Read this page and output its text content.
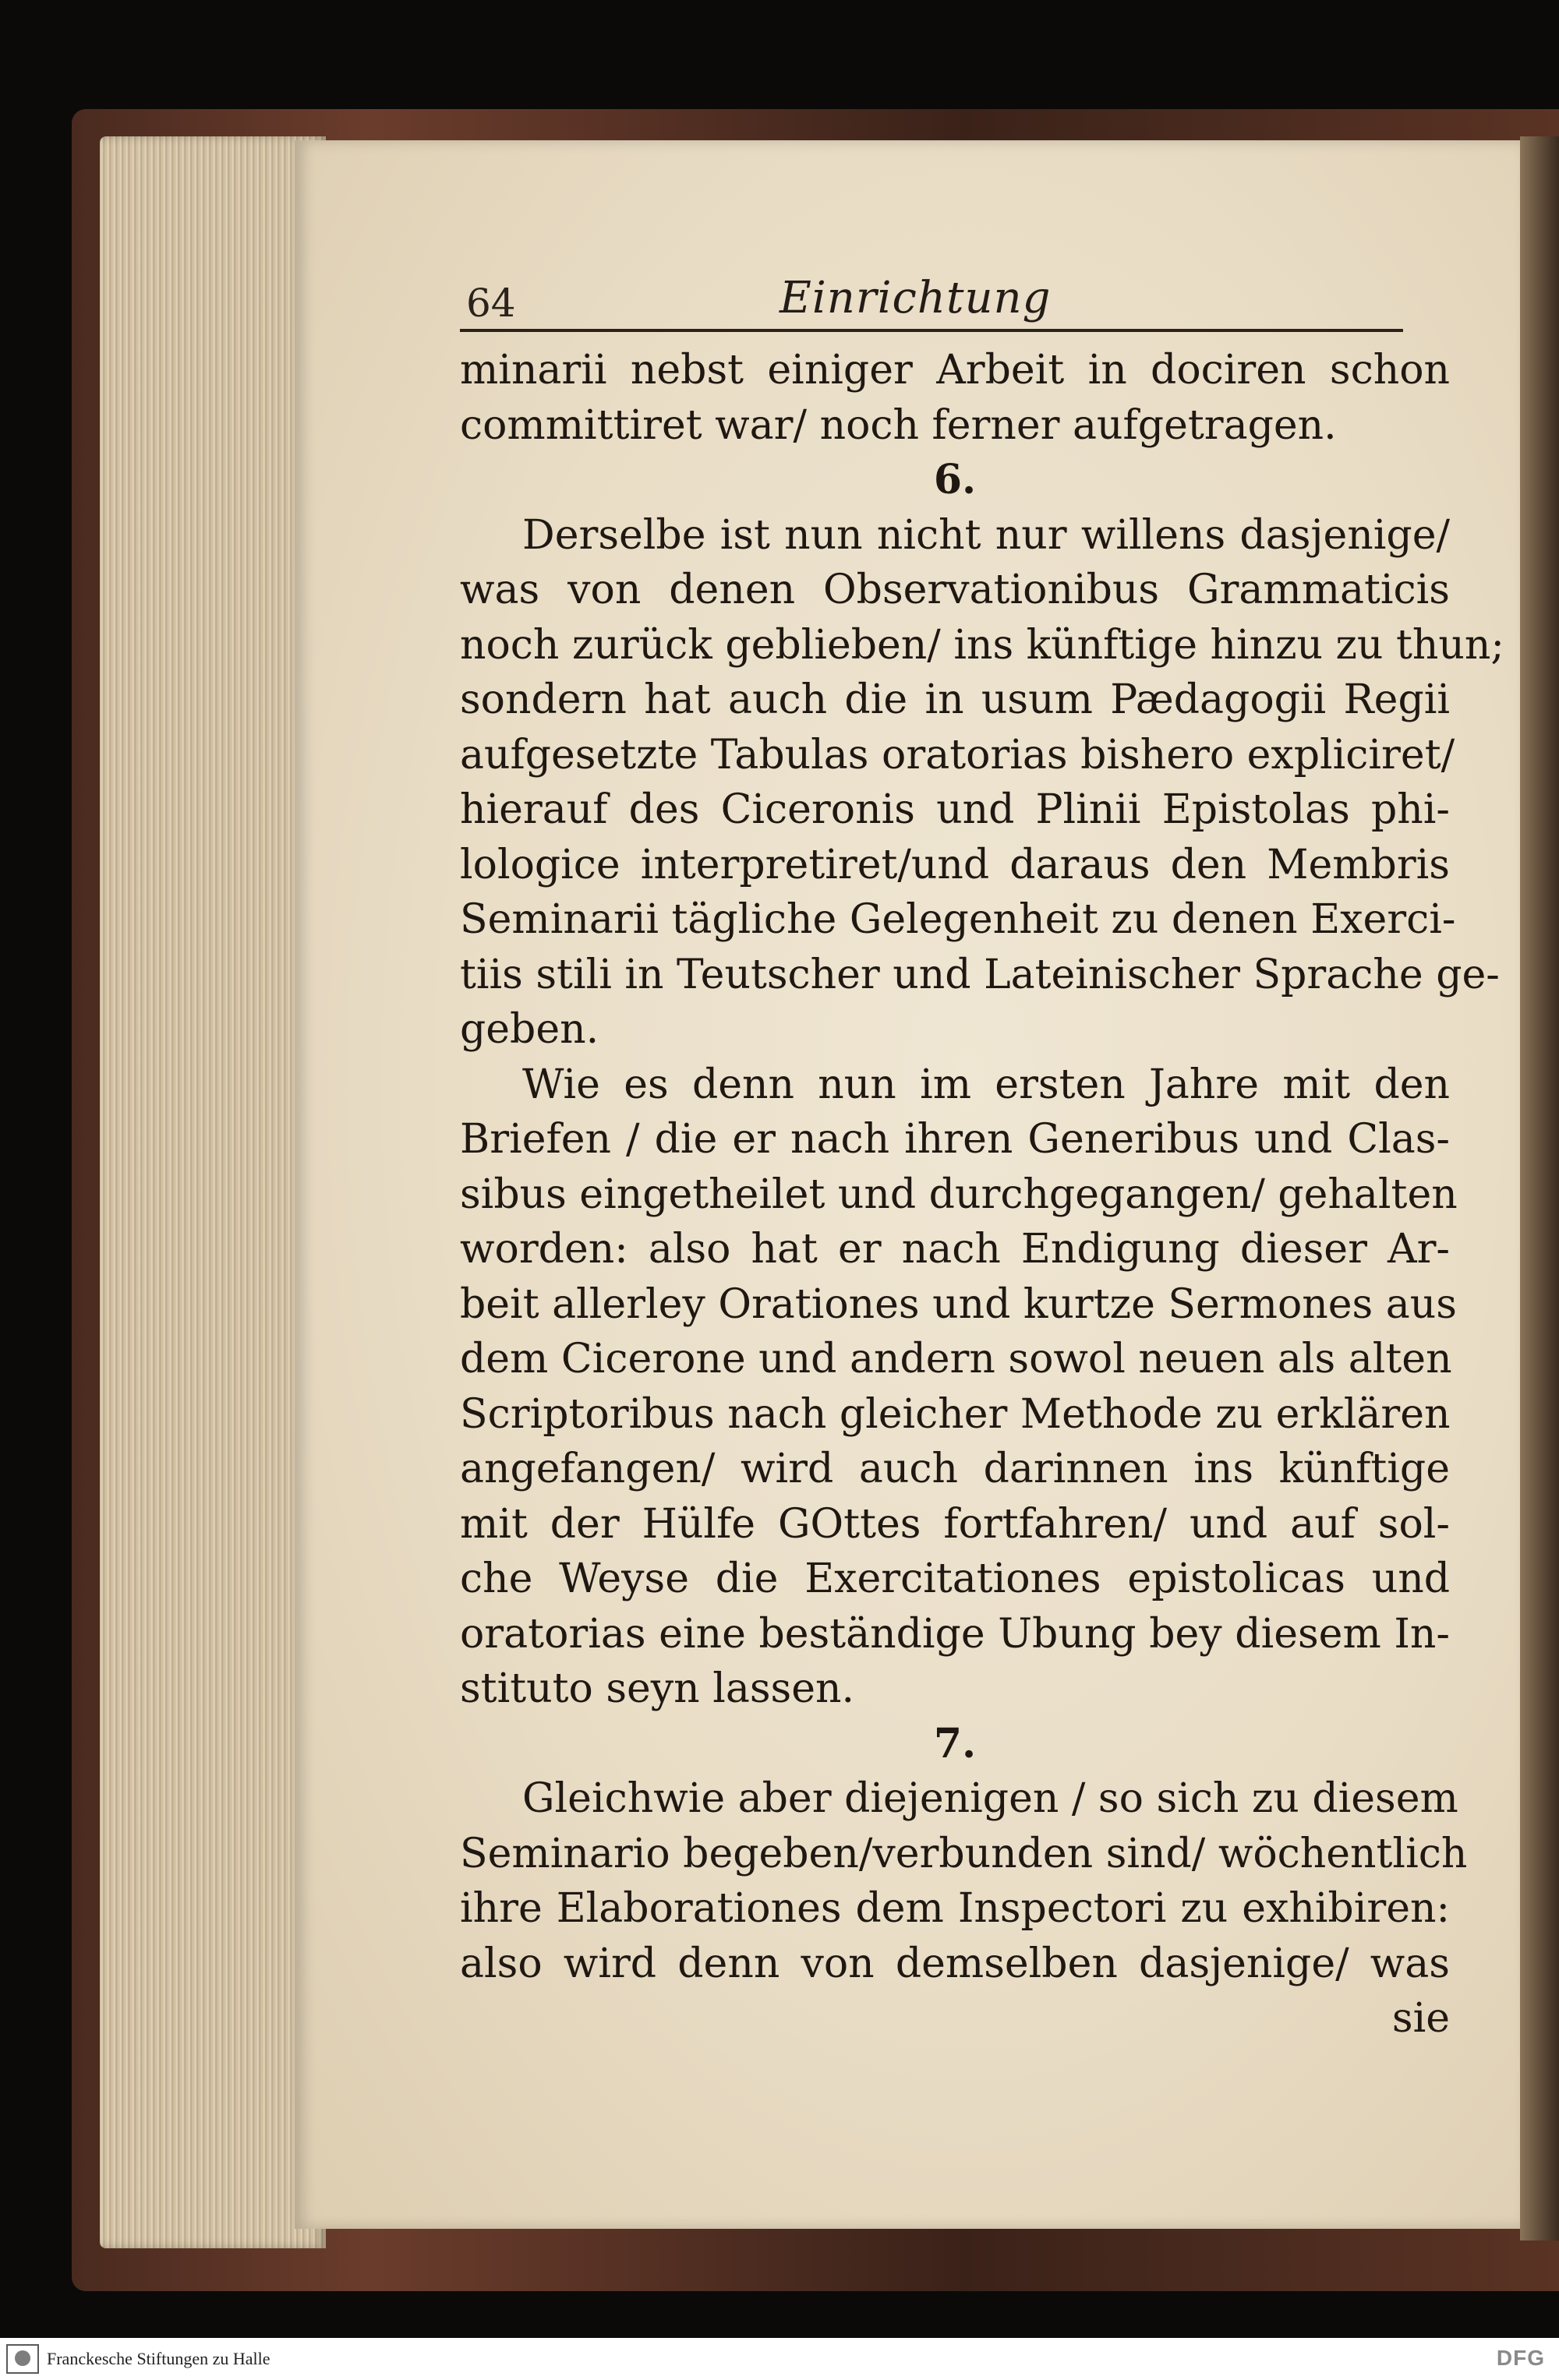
64	Einrichtung
minarii nebst einiger Arbeit in dociren schon
committiret war/ noch ferner aufgetragen.
6.
Derselbe ist nun nicht nur willens dasjenige/
was von denen Observationibus Grammaticis
noch zurück geblieben/ ins künftige hinzu zu thun;
sondern hat auch die in usum Pædagogii Regii
aufgesetzte Tabulas oratorias bishero expliciret/
hierauf des Ciceronis und Plinii Epistolas phi-
lologice interpretiret/und daraus den Membris
Seminarii tägliche Gelegenheit zu denen Exerci-
tiis stili in Teutscher und Lateinischer Sprache ge-
geben.
Wie es denn nun im ersten Jahre mit den
Briefen / die er nach ihren Generibus und Clas-
sibus eingetheilet und durchgegangen/ gehalten
worden: also hat er nach Endigung dieser Ar-
beit allerley Orationes und kurtze Sermones aus
dem Cicerone und andern sowol neuen als alten
Scriptoribus nach gleicher Methode zu erklären
angefangen/ wird auch darinnen ins künftige
mit der Hülfe GOttes fortfahren/ und auf sol-
che Weyse die Exercitationes epistolicas und
oratorias eine beständige Ubung bey diesem In-
stituto seyn lassen.
7.
Gleichwie aber diejenigen / so sich zu diesem
Seminario begeben/verbunden sind/ wöchentlich
ihre Elaborationes dem Inspectori zu exhibiren:
also wird denn von demselben dasjenige/ was
sie
Franckesche Stiftungen zu Halle	DFG
